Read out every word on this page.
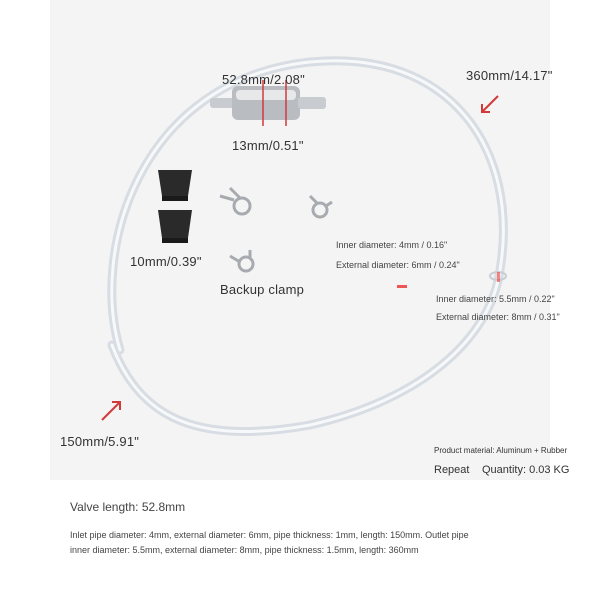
52.8mm/2.08"
13mm/0.51"
360mm/14.17"
150mm/5.91"
10mm/0.39"
Backup clamp
Inner diameter: 4mm / 0.16"
External diameter: 6mm / 0.24"
Inner diameter: 5.5mm / 0.22"
External diameter: 8mm / 0.31"
Product material: Aluminum + Rubber
Repeat Quantity: 0.03 KG
Valve length: 52.8mm
Inlet pipe diameter: 4mm, external diameter: 6mm, pipe thickness: 1mm, length: 150mm. Outlet pipe
inner diameter: 5.5mm, external diameter: 8mm, pipe thickness: 1.5mm, length: 360mm
